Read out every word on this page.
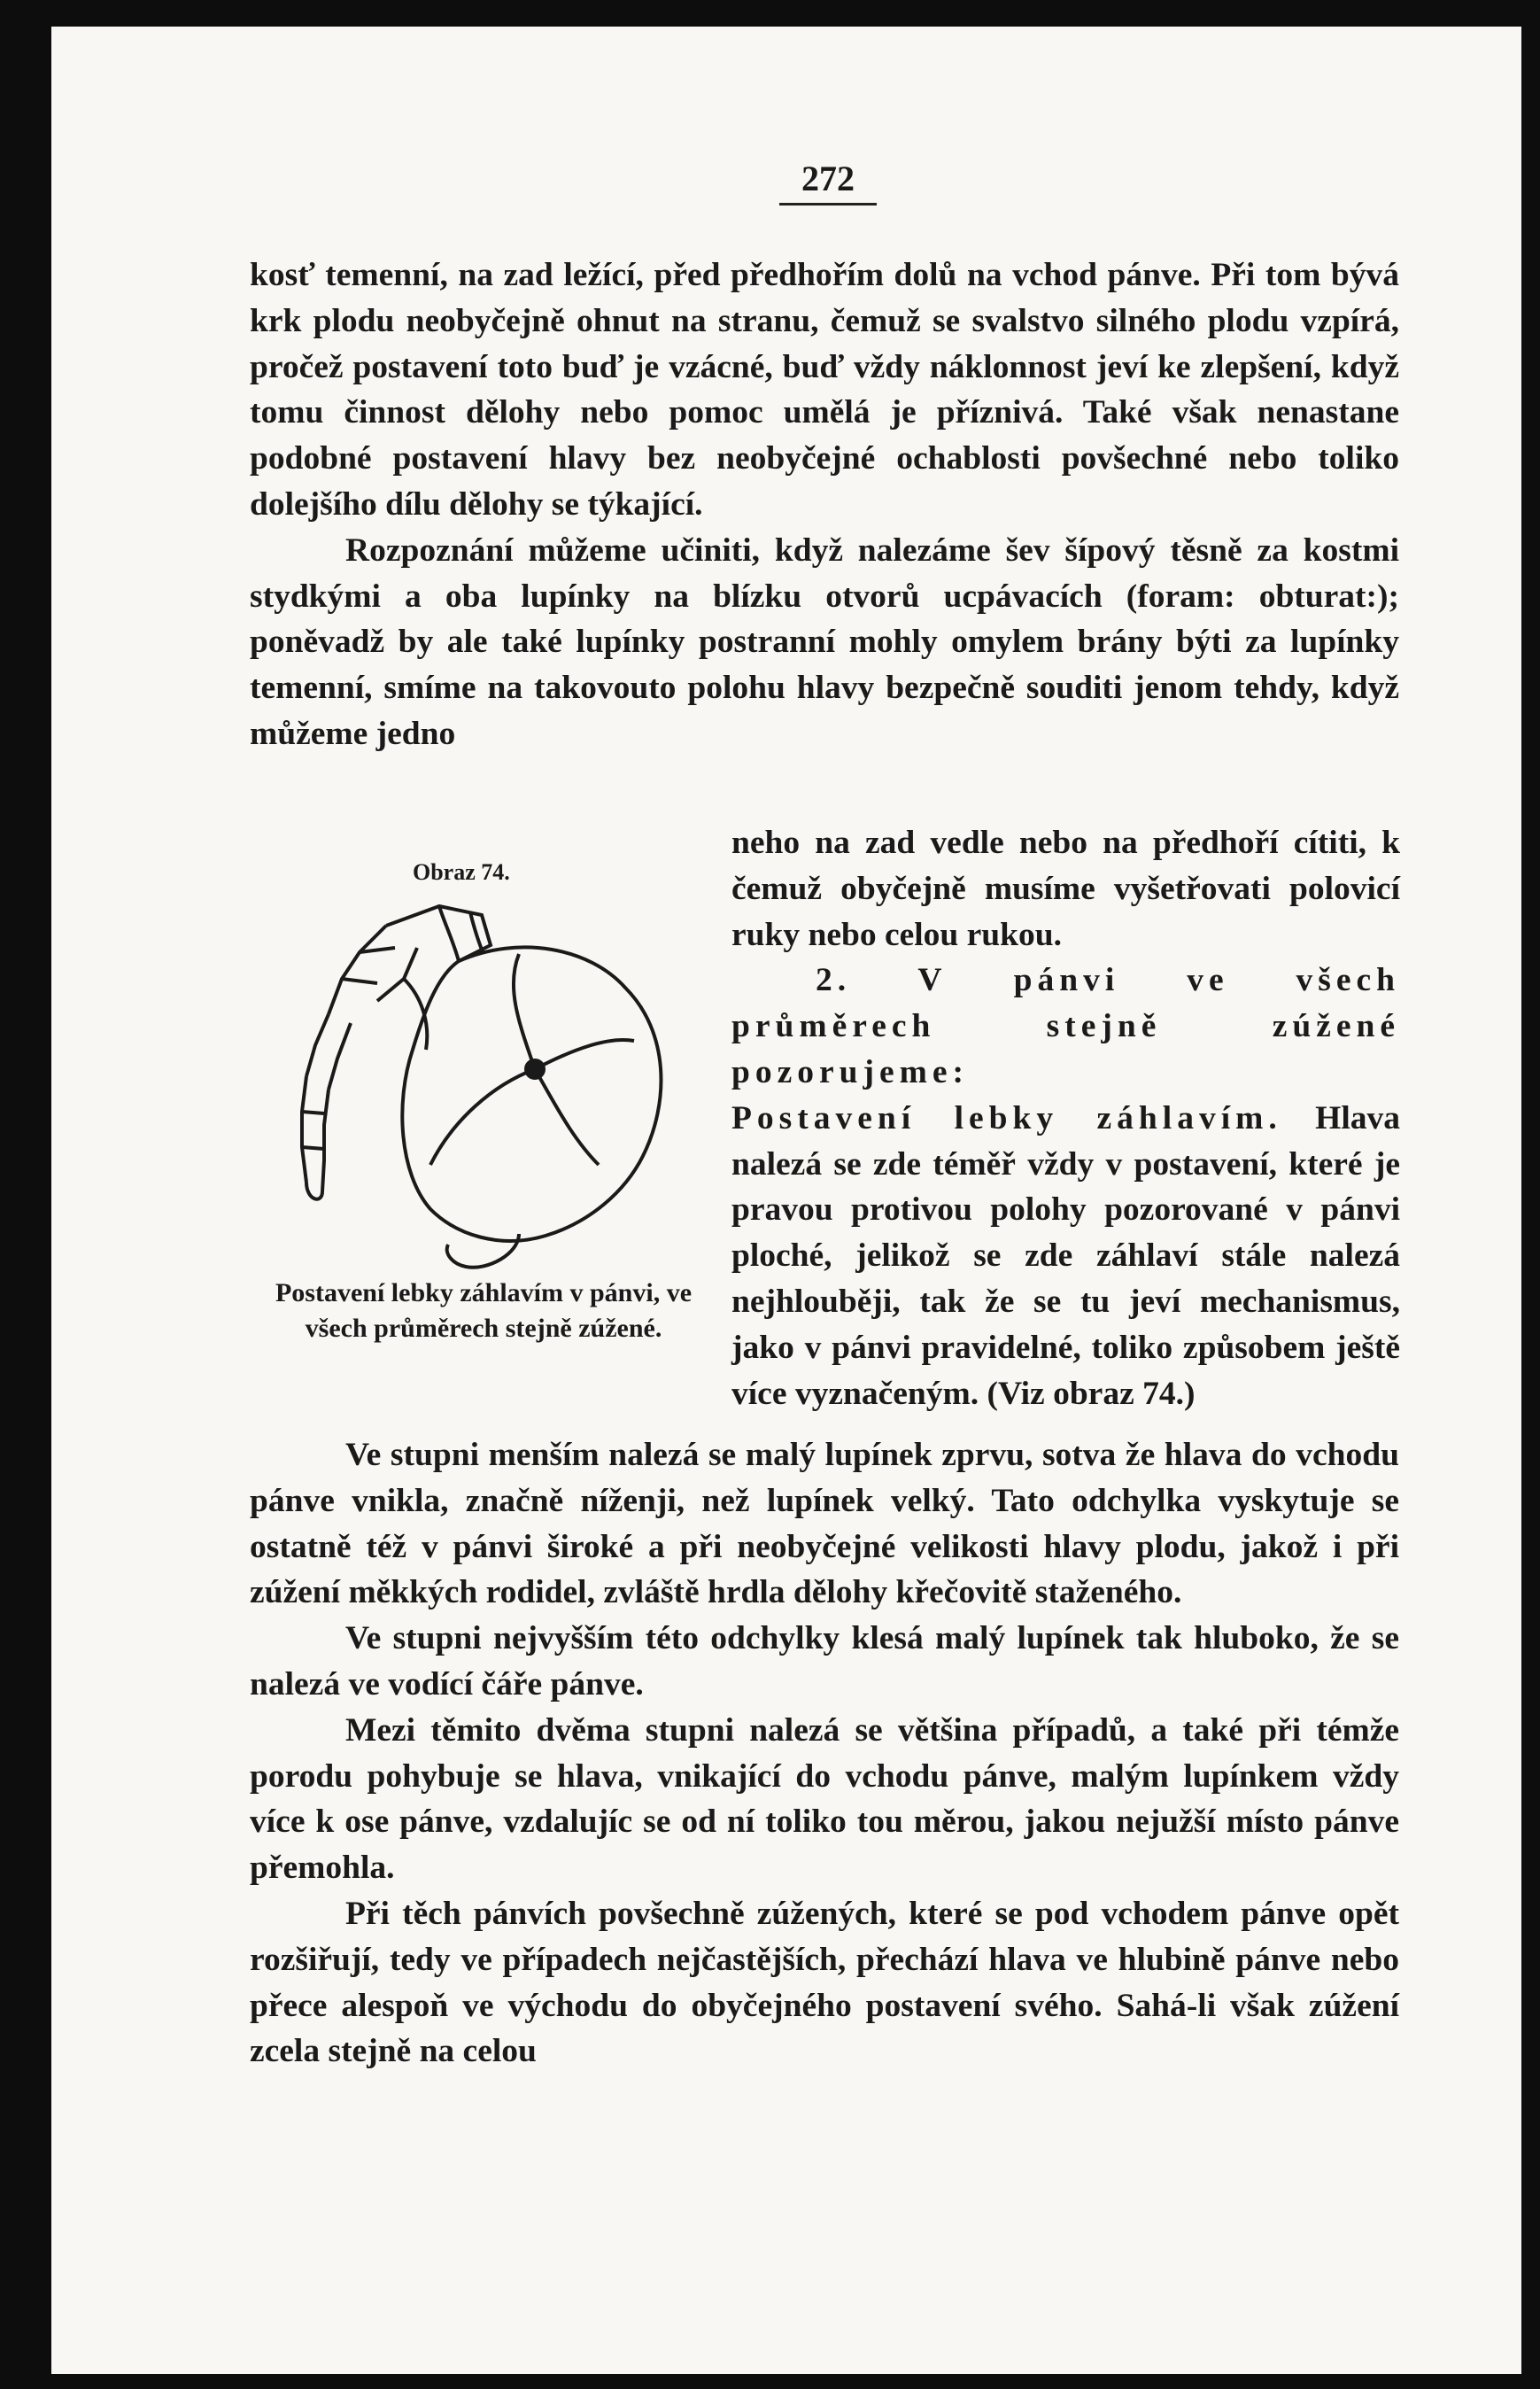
272

kosť temenní, na zad ležící, před předhořím dolů na vchod pánve. Při tom bývá krk plodu neobyčejně ohnut na stranu, čemuž se svalstvo silného plodu vzpírá, pročež postavení toto buď je vzácné, buď vždy náklonnost jeví ke zlepšení, když tomu činnost dělohy nebo pomoc umělá je příznivá. Také však nenastane podobné postavení hlavy bez neobyčejné ochablosti povšechné nebo toliko dolejšího dílu dělohy se týkající.

Rozpoznání můžeme učiniti, když nalezáme šev šípový těsně za kostmi stydkými a oba lupínky na blízku otvorů ucpávacích (foram: obturat:); poněvadž by ale také lupínky postranní mohly omylem brány býti za lupínky temenní, smíme na takovouto polohu hlavy bezpečně souditi jenom tehdy, když můžeme jedno

Obraz 74.
Postavení lebky záhlavím v pánvi, ve všech průměrech stejně zúžené.

neho na zad vedle nebo na předhoří cítiti, k čemuž obyčejně musíme vyšetřovati polovicí ruky nebo celou rukou.

2. V pánvi ve všech průměrech stejně zúžené pozorujeme:

Postavení lebky záhlavím. Hlava nalezá se zde téměř vždy v postavení, které je pravou protivou polohy pozorované v pánvi ploché, jelikož se zde záhlaví stále nalezá nejhlouběji, tak že se tu jeví mechanismus, jako v pánvi pravidelné, toliko způsobem ještě více vyznačeným. (Viz obraz 74.)

Ve stupni menším nalezá se malý lupínek zprvu, sotva že hlava do vchodu pánve vnikla, značně níženji, než lupínek velký. Tato odchylka vyskytuje se ostatně též v pánvi široké a při neobyčejné velikosti hlavy plodu, jakož i při zúžení měkkých rodidel, zvláště hrdla dělohy křečovitě staženého.

Ve stupni nejvyšším této odchylky klesá malý lupínek tak hluboko, že se nalezá ve vodící čáře pánve.

Mezi těmito dvěma stupni nalezá se většina případů, a také při témže porodu pohybuje se hlava, vnikající do vchodu pánve, malým lupínkem vždy více k ose pánve, vzdalujíc se od ní toliko tou měrou, jakou nejužší místo pánve přemohla.

Při těch pánvích povšechně zúžených, které se pod vchodem pánve opět rozšiřují, tedy ve případech nejčastějších, přechází hlava ve hlubině pánve nebo přece alespoň ve východu do obyčejného postavení svého. Sahá-li však zúžení zcela stejně na celou
